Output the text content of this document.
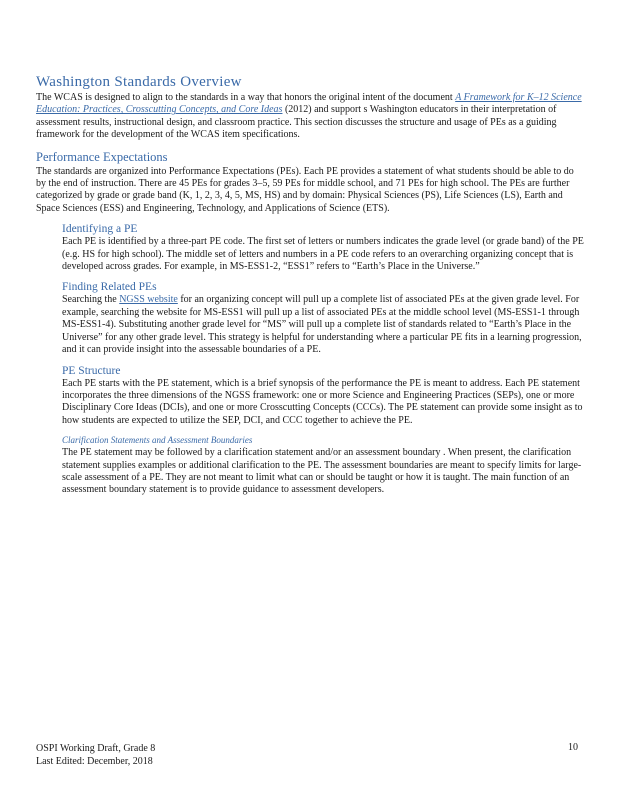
Washington Standards Overview

The WCAS is designed to align to the standards in a way that honors the original intent of the document A Framework for K–12 Science Education: Practices, Crosscutting Concepts, and Core Ideas (2012) and support s Washington educators in their interpretation of assessment results, instructional design, and classroom practice. This section discusses the structure and usage of PEs as a guiding framework for the development of the WCAS item specifications.

Performance Expectations

The standards are organized into Performance Expectations (PEs). Each PE provides a statement of what students should be able to do by the end of instruction. There are 45 PEs for grades 3–5, 59 PEs for middle school, and 71 PEs for high school. The PEs are further categorized by grade or grade band (K, 1, 2, 3, 4, 5, MS, HS) and by domain: Physical Sciences (PS), Life Sciences (LS), Earth and Space Sciences (ESS) and Engineering, Technology, and Applications of Science (ETS).

Identifying a PE

Each PE is identified by a three-part PE code. The first set of letters or numbers indicates the grade level (or grade band) of the PE (e.g. HS for high school). The middle set of letters and numbers in a PE code refers to an overarching organizing concept that is developed across grades. For example, in MS-ESS1-2, “ESS1” refers to “Earth’s Place in the Universe.”

Finding Related PEs

Searching the NGSS website for an organizing concept will pull up a complete list of associated PEs at the given grade level. For example, searching the website for MS-ESS1 will pull up a list of associated PEs at the middle school level (MS-ESS1-1 through MS-ESS1-4). Substituting another grade level for “MS” will pull up a complete list of standards related to “Earth’s Place in the Universe” for any other grade level. This strategy is helpful for understanding where a particular PE fits in a learning progression, and it can provide insight into the assessable boundaries of a PE.

PE Structure

Each PE starts with the PE statement, which is a brief synopsis of the performance the PE is meant to address. Each PE statement incorporates the three dimensions of the NGSS framework: one or more Science and Engineering Practices (SEPs), one or more Disciplinary Core Ideas (DCIs), and one or more Crosscutting Concepts (CCCs). The PE statement can provide some insight as to how students are expected to utilize the SEP, DCI, and CCC together to achieve the PE.

Clarification Statements and Assessment Boundaries

The PE statement may be followed by a clarification statement and/or an assessment boundary . When present, the clarification statement supplies examples or additional clarification to the PE. The assessment boundaries are meant to specify limits for large-scale assessment of a PE. They are not meant to limit what can or should be taught or how it is taught. The main function of an assessment boundary statement is to provide guidance to assessment developers.

OSPI Working Draft, Grade 8
Last Edited: December, 2018
10
